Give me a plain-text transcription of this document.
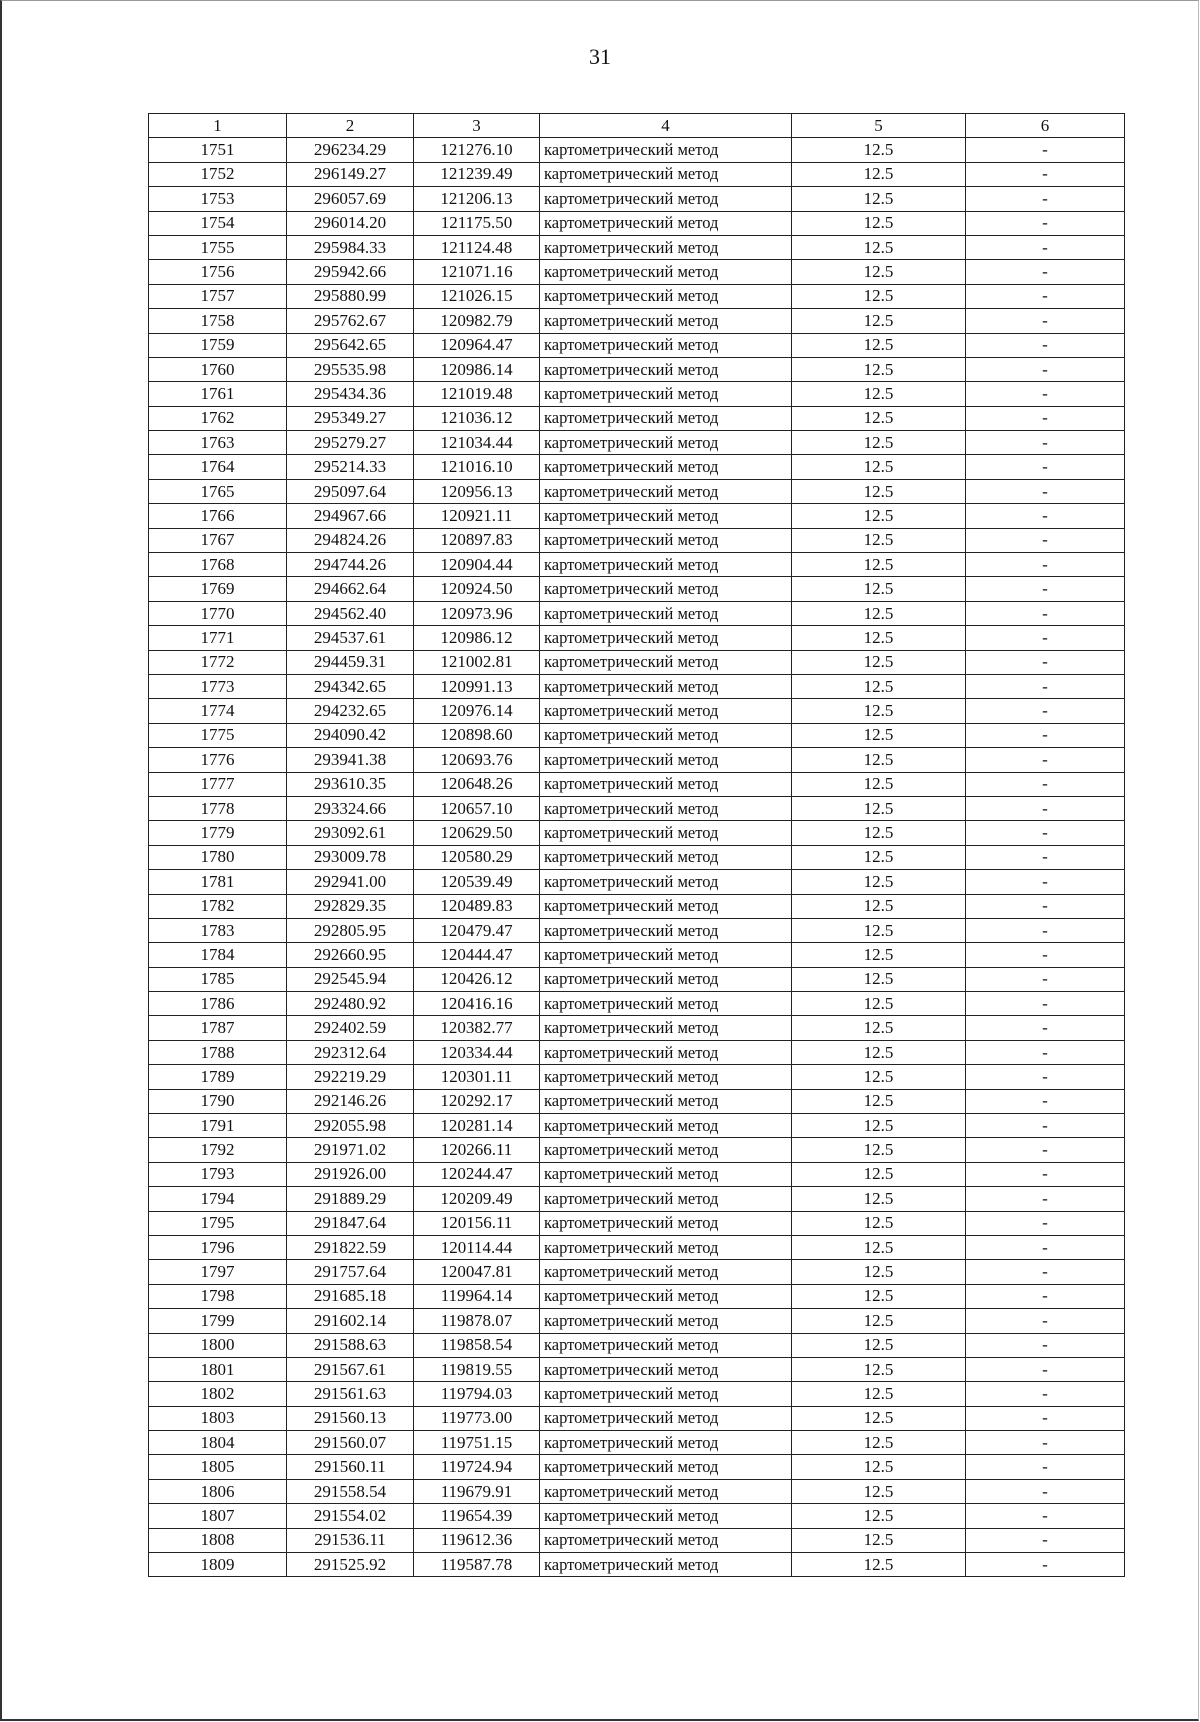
31
1	2	3	4	5	6
1751	296234.29	121276.10	картометрический метод	12.5	-
1752	296149.27	121239.49	картометрический метод	12.5	-
1753	296057.69	121206.13	картометрический метод	12.5	-
1754	296014.20	121175.50	картометрический метод	12.5	-
1755	295984.33	121124.48	картометрический метод	12.5	-
1756	295942.66	121071.16	картометрический метод	12.5	-
1757	295880.99	121026.15	картометрический метод	12.5	-
1758	295762.67	120982.79	картометрический метод	12.5	-
1759	295642.65	120964.47	картометрический метод	12.5	-
1760	295535.98	120986.14	картометрический метод	12.5	-
1761	295434.36	121019.48	картометрический метод	12.5	-
1762	295349.27	121036.12	картометрический метод	12.5	-
1763	295279.27	121034.44	картометрический метод	12.5	-
1764	295214.33	121016.10	картометрический метод	12.5	-
1765	295097.64	120956.13	картометрический метод	12.5	-
1766	294967.66	120921.11	картометрический метод	12.5	-
1767	294824.26	120897.83	картометрический метод	12.5	-
1768	294744.26	120904.44	картометрический метод	12.5	-
1769	294662.64	120924.50	картометрический метод	12.5	-
1770	294562.40	120973.96	картометрический метод	12.5	-
1771	294537.61	120986.12	картометрический метод	12.5	-
1772	294459.31	121002.81	картометрический метод	12.5	-
1773	294342.65	120991.13	картометрический метод	12.5	-
1774	294232.65	120976.14	картометрический метод	12.5	-
1775	294090.42	120898.60	картометрический метод	12.5	-
1776	293941.38	120693.76	картометрический метод	12.5	-
1777	293610.35	120648.26	картометрический метод	12.5	-
1778	293324.66	120657.10	картометрический метод	12.5	-
1779	293092.61	120629.50	картометрический метод	12.5	-
1780	293009.78	120580.29	картометрический метод	12.5	-
1781	292941.00	120539.49	картометрический метод	12.5	-
1782	292829.35	120489.83	картометрический метод	12.5	-
1783	292805.95	120479.47	картометрический метод	12.5	-
1784	292660.95	120444.47	картометрический метод	12.5	-
1785	292545.94	120426.12	картометрический метод	12.5	-
1786	292480.92	120416.16	картометрический метод	12.5	-
1787	292402.59	120382.77	картометрический метод	12.5	-
1788	292312.64	120334.44	картометрический метод	12.5	-
1789	292219.29	120301.11	картометрический метод	12.5	-
1790	292146.26	120292.17	картометрический метод	12.5	-
1791	292055.98	120281.14	картометрический метод	12.5	-
1792	291971.02	120266.11	картометрический метод	12.5	-
1793	291926.00	120244.47	картометрический метод	12.5	-
1794	291889.29	120209.49	картометрический метод	12.5	-
1795	291847.64	120156.11	картометрический метод	12.5	-
1796	291822.59	120114.44	картометрический метод	12.5	-
1797	291757.64	120047.81	картометрический метод	12.5	-
1798	291685.18	119964.14	картометрический метод	12.5	-
1799	291602.14	119878.07	картометрический метод	12.5	-
1800	291588.63	119858.54	картометрический метод	12.5	-
1801	291567.61	119819.55	картометрический метод	12.5	-
1802	291561.63	119794.03	картометрический метод	12.5	-
1803	291560.13	119773.00	картометрический метод	12.5	-
1804	291560.07	119751.15	картометрический метод	12.5	-
1805	291560.11	119724.94	картометрический метод	12.5	-
1806	291558.54	119679.91	картометрический метод	12.5	-
1807	291554.02	119654.39	картометрический метод	12.5	-
1808	291536.11	119612.36	картометрический метод	12.5	-
1809	291525.92	119587.78	картометрический метод	12.5	-
